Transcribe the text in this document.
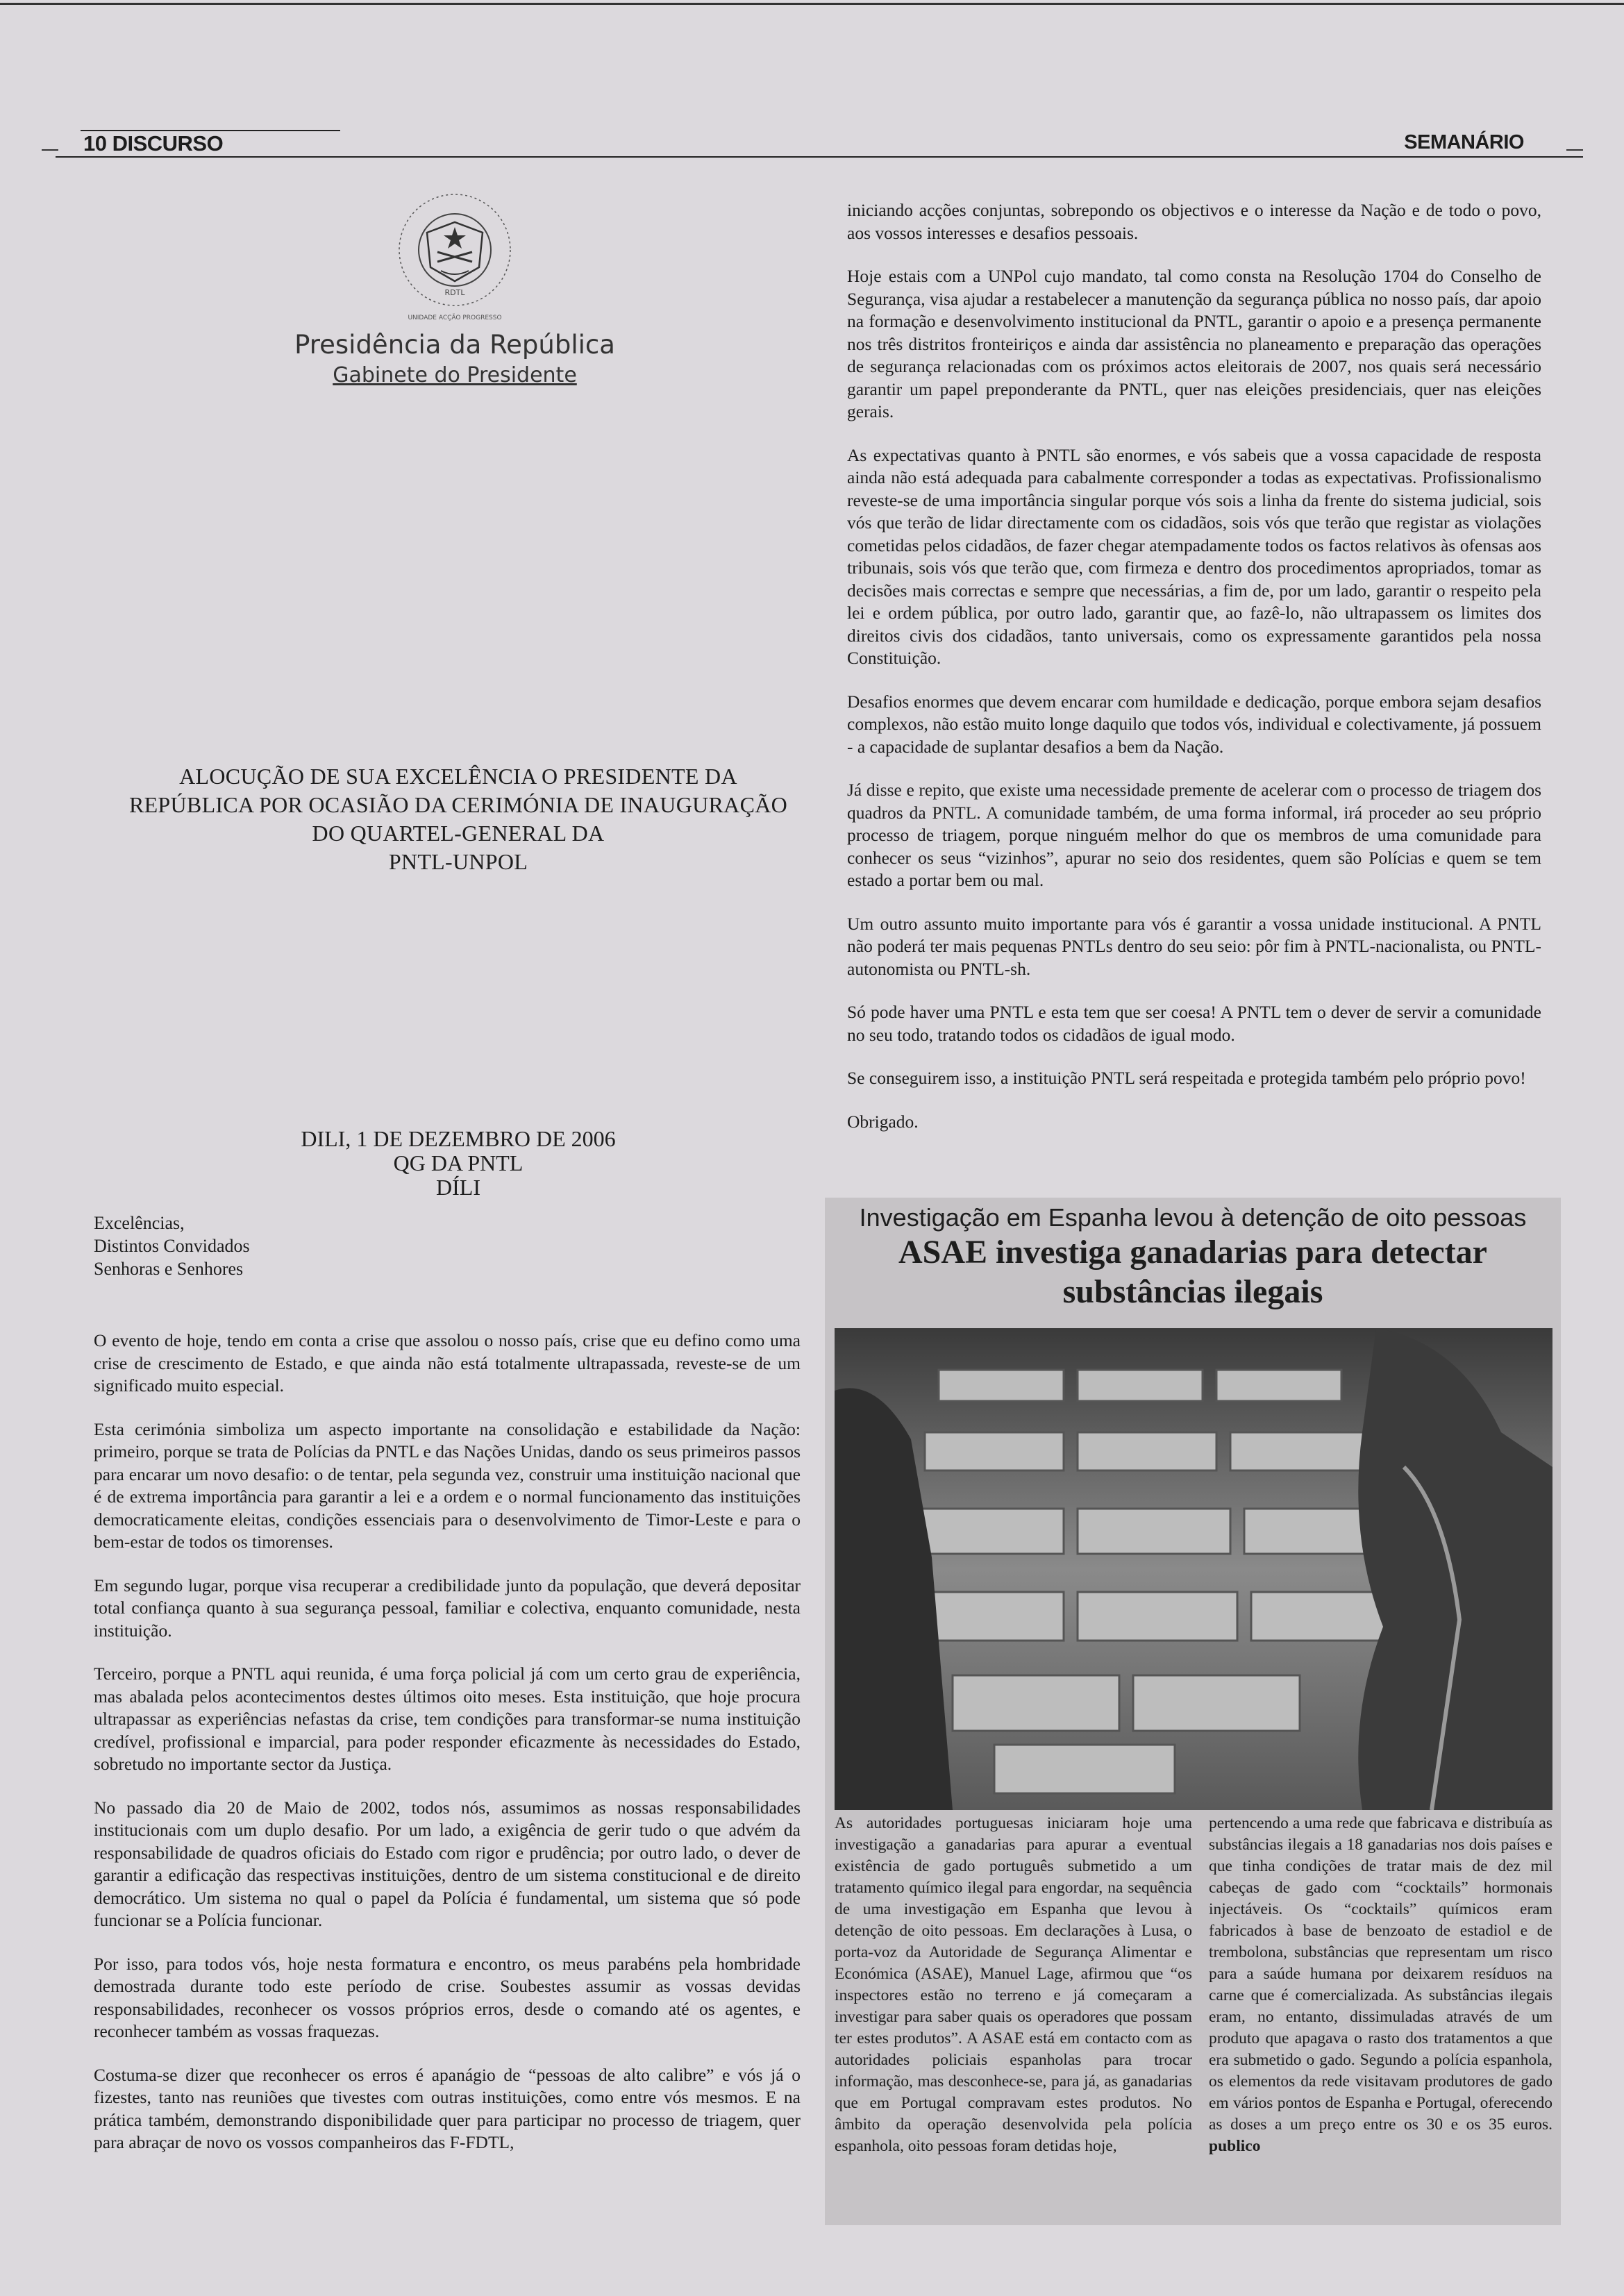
10 DISCURSO	SEMANÁRIO
RDTL
UNIDADE ACÇÃO PROGRESSO
Presidência da República
Gabinete do Presidente
ALOCUÇÃO DE SUA EXCELÊNCIA O PRESIDENTE DA
REPÚBLICA POR OCASIÃO DA CERIMÓNIA DE INAUGURAÇÃO
DO QUARTEL-GENERAL DA
PNTL-UNPOL
DILI, 1 DE DEZEMBRO DE 2006
QG DA PNTL
DÍLI
Excelências,
Distintos Convidados
Senhoras e Senhores

O evento de hoje, tendo em conta a crise que assolou o nosso país, crise que eu defino como uma crise de crescimento de Estado, e que ainda não está totalmente ultrapassada, reveste-se de um significado muito especial.

Esta cerimónia simboliza um aspecto importante na consolidação e estabilidade da Nação: primeiro, porque se trata de Polícias da PNTL e das Nações Unidas, dando os seus primeiros passos para encarar um novo desafio: o de tentar, pela segunda vez, construir uma instituição nacional que é de extrema importância para garantir a lei e a ordem e o normal funcionamento das instituições democraticamente eleitas, condições essenciais para o desenvolvimento de Timor-Leste e para o bem-estar de todos os timorenses.

Em segundo lugar, porque visa recuperar a credibilidade junto da população, que deverá depositar total confiança quanto à sua segurança pessoal, familiar e colectiva, enquanto comunidade, nesta instituição.

Terceiro, porque a PNTL aqui reunida, é uma força policial já com um certo grau de experiência, mas abalada pelos acontecimentos destes últimos oito meses. Esta instituição, que hoje procura ultrapassar as experiências nefastas da crise, tem condições para transformar-se numa instituição credível, profissional e imparcial, para poder responder eficazmente às necessidades do Estado, sobretudo no importante sector da Justiça.

No passado dia 20 de Maio de 2002, todos nós, assumimos as nossas responsabilidades institucionais com um duplo desafio. Por um lado, a exigência de gerir tudo o que advém da responsabilidade de quadros oficiais do Estado com rigor e prudência; por outro lado, o dever de garantir a edificação das respectivas instituições, dentro de um sistema constitucional e de direito democrático. Um sistema no qual o papel da Polícia é fundamental, um sistema que só pode funcionar se a Polícia funcionar.

Por isso, para todos vós, hoje nesta formatura e encontro, os meus parabéns pela hombridade demostrada durante todo este período de crise. Soubestes assumir as vossas devidas responsabilidades, reconhecer os vossos próprios erros, desde o comando até os agentes, e reconhecer também as vossas fraquezas.

Costuma-se dizer que reconhecer os erros é apanágio de “pessoas de alto calibre” e vós já o fizestes, tanto nas reuniões que tivestes com outras instituições, como entre vós mesmos. E na prática também, demonstrando disponibilidade quer para participar no processo de triagem, quer para abraçar de novo os vossos companheiros das F-FDTL,

iniciando acções conjuntas, sobrepondo os objectivos e o interesse da Nação e de todo o povo, aos vossos interesses e desafios pessoais.

Hoje estais com a UNPol cujo mandato, tal como consta na Resolução 1704 do Conselho de Segurança, visa ajudar a restabelecer a manutenção da segurança pública no nosso país, dar apoio na formação e desenvolvimento institucional da PNTL, garantir o apoio e a presença permanente nos três distritos fronteiriços e ainda dar assistência no planeamento e preparação das operações de segurança relacionadas com os próximos actos eleitorais de 2007, nos quais será necessário garantir um papel preponderante da PNTL, quer nas eleições presidenciais, quer nas eleições gerais.

As expectativas quanto à PNTL são enormes, e vós sabeis que a vossa capacidade de resposta ainda não está adequada para cabalmente corresponder a todas as expectativas. Profissionalismo reveste-se de uma importância singular porque vós sois a linha da frente do sistema judicial, sois vós que terão de lidar directamente com os cidadãos, sois vós que terão que registar as violações cometidas pelos cidadãos, de fazer chegar atempadamente todos os factos relativos às ofensas aos tribunais, sois vós que terão que, com firmeza e dentro dos procedimentos apropriados, tomar as decisões mais correctas e sempre que necessárias, a fim de, por um lado, garantir o respeito pela lei e ordem pública, por outro lado, garantir que, ao fazê-lo, não ultrapassem os limites dos direitos civis dos cidadãos, tanto universais, como os expressamente garantidos pela nossa Constituição.

Desafios enormes que devem encarar com humildade e dedicação, porque embora sejam desafios complexos, não estão muito longe daquilo que todos vós, individual e colectivamente, já possuem - a capacidade de suplantar desafios a bem da Nação.

Já disse e repito, que existe uma necessidade premente de acelerar com o processo de triagem dos quadros da PNTL. A comunidade também, de uma forma informal, irá proceder ao seu próprio processo de triagem, porque ninguém melhor do que os membros de uma comunidade para conhecer os seus “vizinhos”, apurar no seio dos residentes, quem são Polícias e quem se tem estado a portar bem ou mal.

Um outro assunto muito importante para vós é garantir a vossa unidade institucional. A PNTL não poderá ter mais pequenas PNTLs dentro do seu seio: pôr fim à PNTL-nacionalista, ou PNTL-autonomista ou PNTL-sh.

Só pode haver uma PNTL e esta tem que ser coesa! A PNTL tem o dever de servir a comunidade no seu todo, tratando todos os cidadãos de igual modo.

Se conseguirem isso, a instituição PNTL será respeitada e protegida também pelo próprio povo!

Obrigado.

Investigação em Espanha levou à detenção de oito pessoas
ASAE investiga ganadarias para detectar
substâncias ilegais

As autoridades portuguesas iniciaram hoje uma investigação a ganadarias para apurar a eventual existência de gado português submetido a um tratamento químico ilegal para engordar, na sequência de uma investigação em Espanha que levou à detenção de oito pessoas. Em declarações à Lusa, o porta-voz da Autoridade de Segurança Alimentar e Económica (ASAE), Manuel Lage, afirmou que “os inspectores estão no terreno e já começaram a investigar para saber quais os operadores que possam ter estes produtos”. A ASAE está em contacto com as autoridades policiais espanholas para trocar informação, mas desconhece-se, para já, as ganadarias que em Portugal compravam estes produtos. No âmbito da operação desenvolvida pela polícia espanhola, oito pessoas foram detidas hoje,

pertencendo a uma rede que fabricava e distribuía as substâncias ilegais a 18 ganadarias nos dois países e que tinha condições de tratar mais de dez mil cabeças de gado com “cocktails” hormonais injectáveis. Os “cocktails” químicos eram fabricados à base de benzoato de estadiol e de trembolona, substâncias que representam um risco para a saúde humana por deixarem resíduos na carne que é comercializada. As substâncias ilegais eram, no entanto, dissimuladas através de um produto que apagava o rasto dos tratamentos a que era submetido o gado. Segundo a polícia espanhola, os elementos da rede visitavam produtores de gado em vários pontos de Espanha e Portugal, oferecendo as doses a um preço entre os 30 e os 35 euros. publico
